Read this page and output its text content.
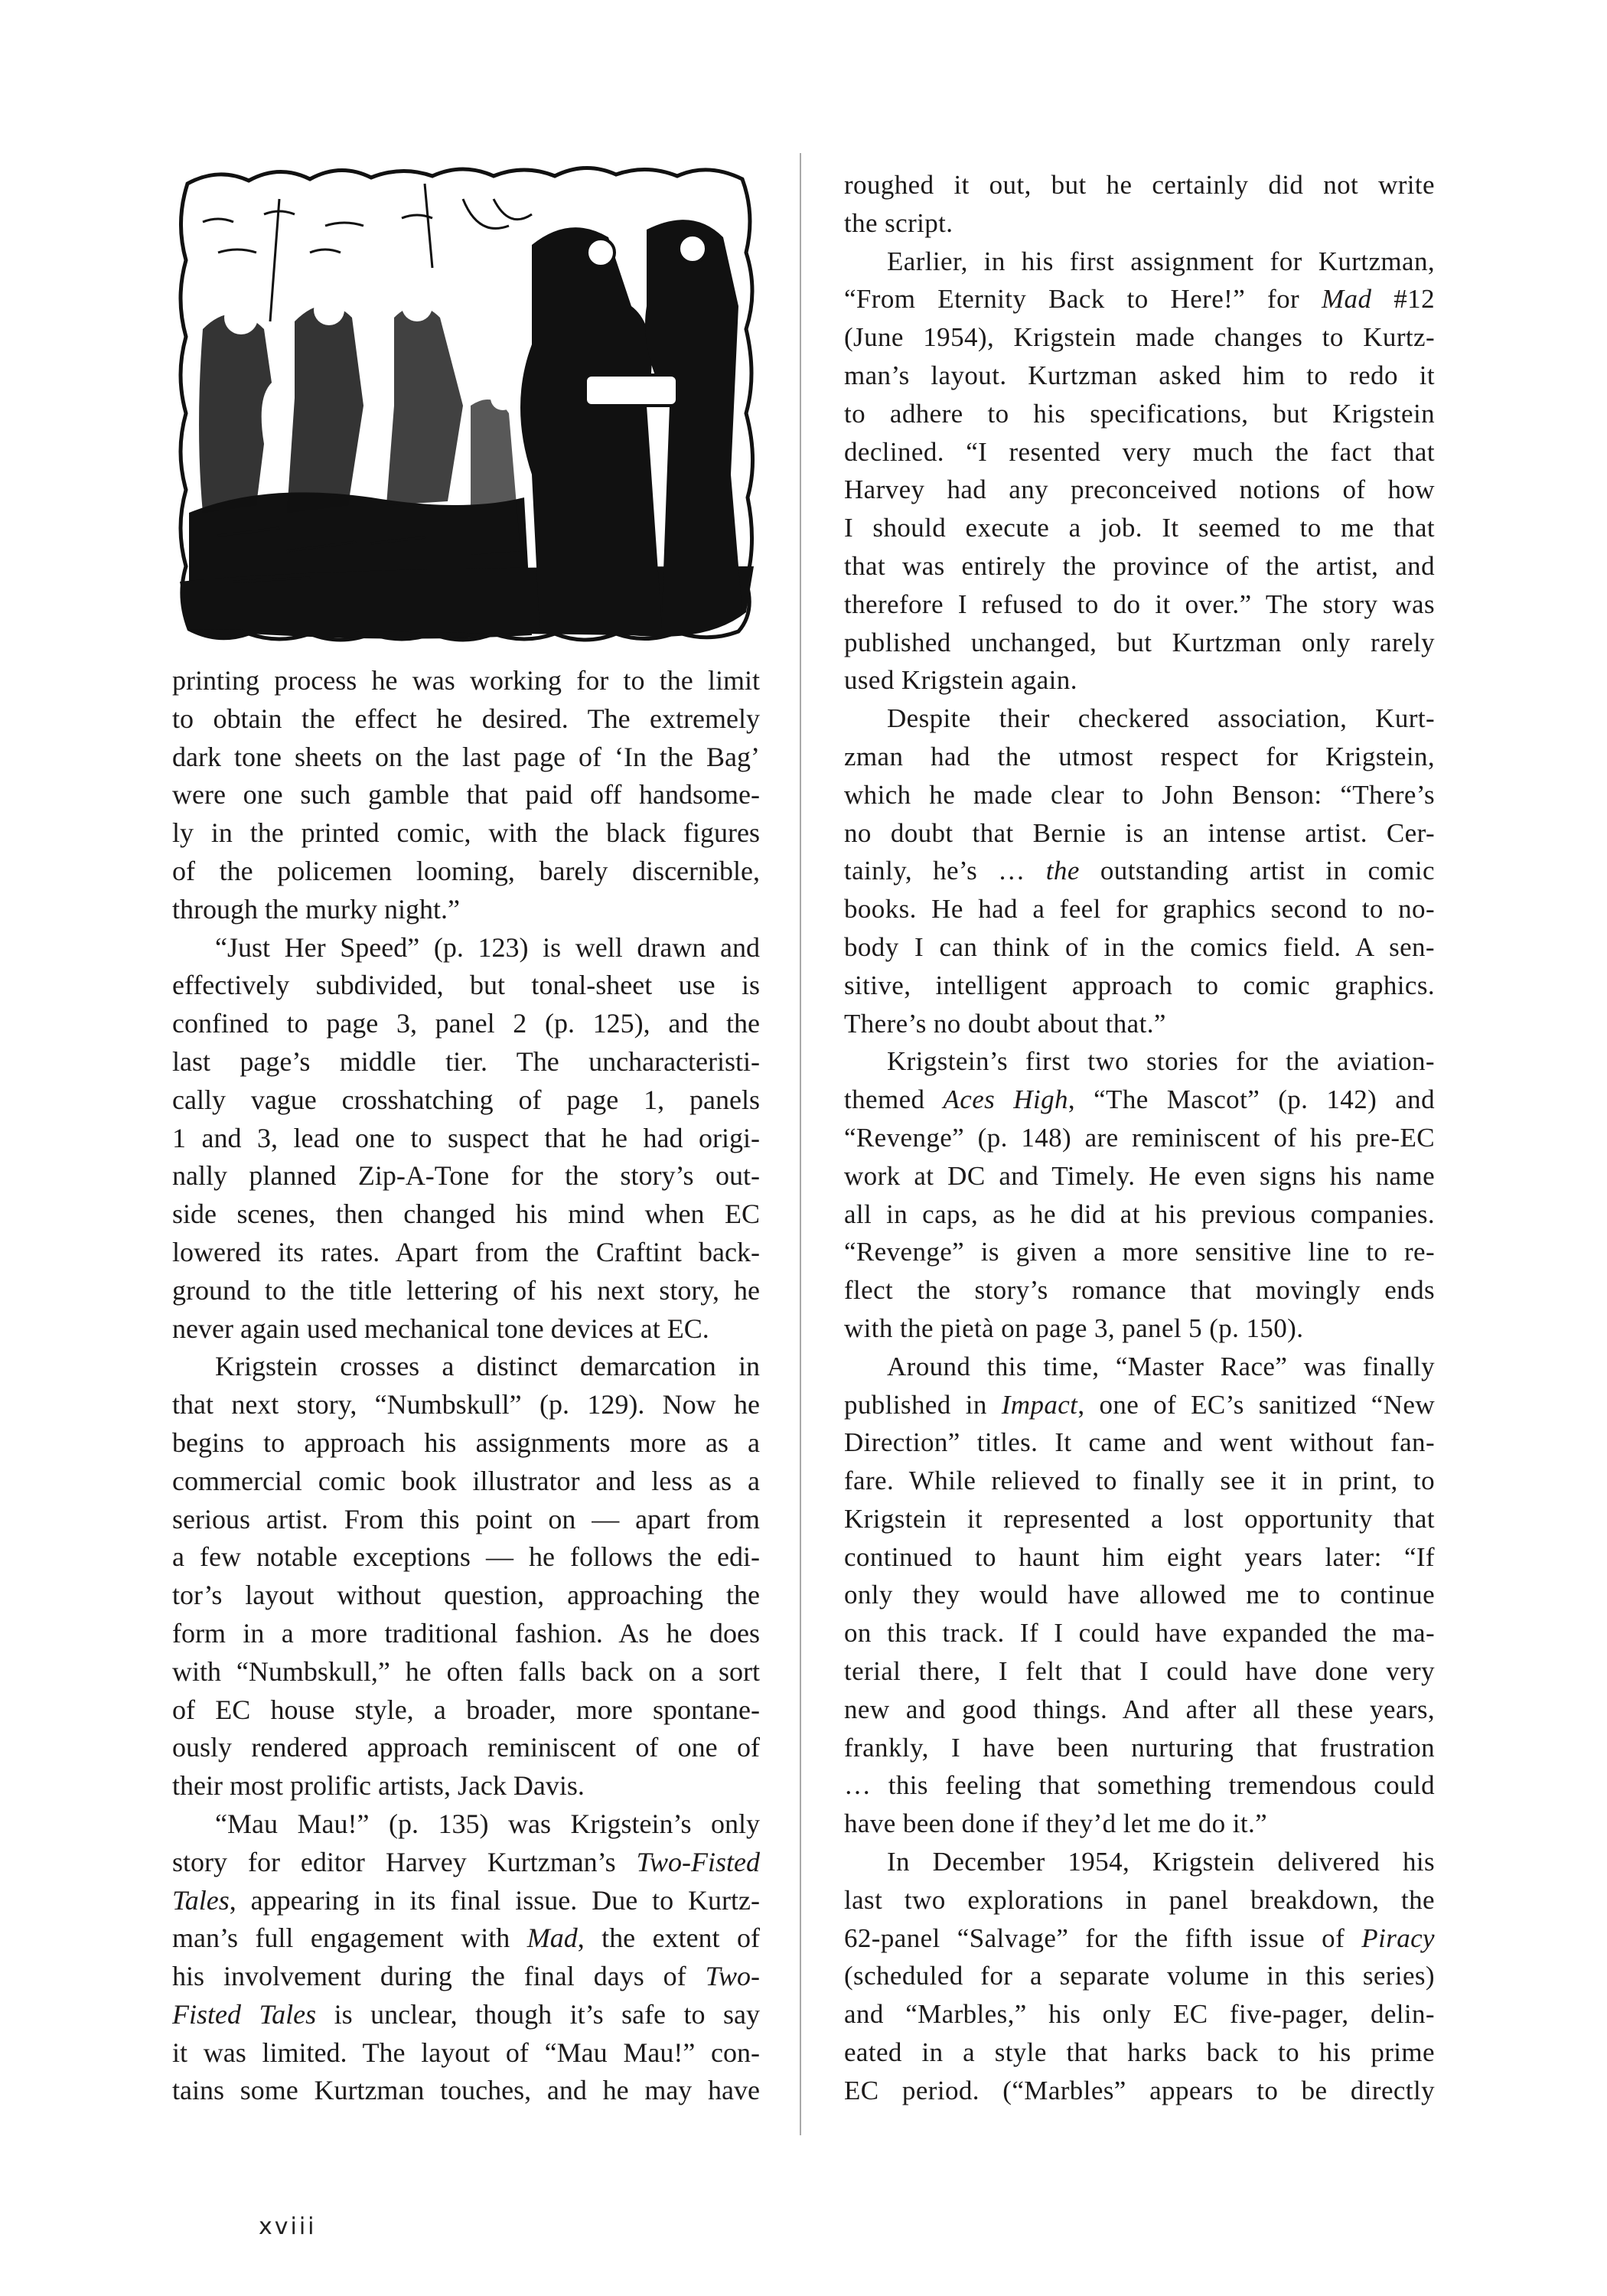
printing process he was working for to the limit
to obtain the effect he desired. The extremely
dark tone sheets on the last page of ‘In the Bag’
were one such gamble that paid off handsome-
ly in the printed comic, with the black figures
of the policemen looming, barely discernible,
through the murky night.”
“Just Her Speed” (p. 123) is well drawn and
effectively subdivided, but tonal-sheet use is
confined to page 3, panel 2 (p. 125), and the
last page’s middle tier. The uncharacteristi-
cally vague crosshatching of page 1, panels
1 and 3, lead one to suspect that he had origi-
nally planned Zip-A-Tone for the story’s out-
side scenes, then changed his mind when EC
lowered its rates. Apart from the Craftint back-
ground to the title lettering of his next story, he
never again used mechanical tone devices at EC.
Krigstein crosses a distinct demarcation in
that next story, “Numbskull” (p. 129). Now he
begins to approach his assignments more as a
commercial comic book illustrator and less as a
serious artist. From this point on — apart from
a few notable exceptions — he follows the edi-
tor’s layout without question, approaching the
form in a more traditional fashion. As he does
with “Numbskull,” he often falls back on a sort
of EC house style, a broader, more spontane-
ously rendered approach reminiscent of one of
their most prolific artists, Jack Davis.
“Mau Mau!” (p. 135) was Krigstein’s only
story for editor Harvey Kurtzman’s Two-Fisted
Tales, appearing in its final issue. Due to Kurtz-
man’s full engagement with Mad, the extent of
his involvement during the final days of Two-
Fisted Tales is unclear, though it’s safe to say
it was limited. The layout of “Mau Mau!” con-
tains some Kurtzman touches, and he may have
roughed it out, but he certainly did not write
the script.
Earlier, in his first assignment for Kurtzman,
“From Eternity Back to Here!” for Mad #12
(June 1954), Krigstein made changes to Kurtz-
man’s layout. Kurtzman asked him to redo it
to adhere to his specifications, but Krigstein
declined. “I resented very much the fact that
Harvey had any preconceived notions of how
I should execute a job. It seemed to me that
that was entirely the province of the artist, and
therefore I refused to do it over.” The story was
published unchanged, but Kurtzman only rarely
used Krigstein again.
Despite their checkered association, Kurt-
zman had the utmost respect for Krigstein,
which he made clear to John Benson: “There’s
no doubt that Bernie is an intense artist. Cer-
tainly, he’s … the outstanding artist in comic
books. He had a feel for graphics second to no-
body I can think of in the comics field. A sen-
sitive, intelligent approach to comic graphics.
There’s no doubt about that.”
Krigstein’s first two stories for the aviation-
themed Aces High, “The Mascot” (p. 142) and
“Revenge” (p. 148) are reminiscent of his pre-EC
work at DC and Timely. He even signs his name
all in caps, as he did at his previous companies.
“Revenge” is given a more sensitive line to re-
flect the story’s romance that movingly ends
with the pietà on page 3, panel 5 (p. 150).
Around this time, “Master Race” was finally
published in Impact, one of EC’s sanitized “New
Direction” titles. It came and went without fan-
fare. While relieved to finally see it in print, to
Krigstein it represented a lost opportunity that
continued to haunt him eight years later: “If
only they would have allowed me to continue
on this track. If I could have expanded the ma-
terial there, I felt that I could have done very
new and good things. And after all these years,
frankly, I have been nurturing that frustration
… this feeling that something tremendous could
have been done if they’d let me do it.”
In December 1954, Krigstein delivered his
last two explorations in panel breakdown, the
62-panel “Salvage” for the fifth issue of Piracy
(scheduled for a separate volume in this series)
and “Marbles,” his only EC five-pager, delin-
eated in a style that harks back to his prime
EC period. (“Marbles” appears to be directly
xviii
